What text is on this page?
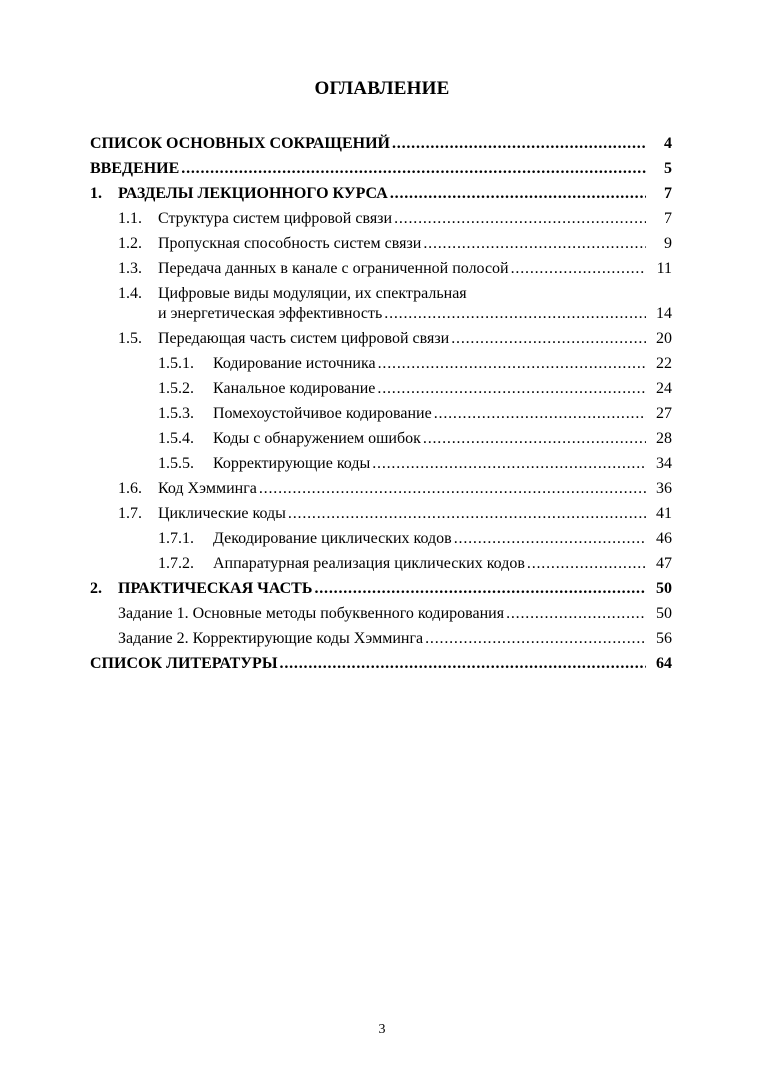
ОГЛАВЛЕНИЕ
СПИСОК ОСНОВНЫХ СОКРАЩЕНИЙ . . .	4
ВВЕДЕНИЕ . . .	5
1.	РАЗДЕЛЫ ЛЕКЦИОННОГО КУРСА . . .	7
1.1.	Структура систем цифровой связи . . .	7
1.2.	Пропускная способность систем связи . . .	9
1.3.	Передача данных в канале с ограниченной полосой . . .	11
1.4.	Цифровые виды модуляции, их спектральная
и энергетическая эффективность . . .	14
1.5.	Передающая часть систем цифровой связи . . .	20
1.5.1.	Кодирование источника . . .	22
1.5.2.	Канальное кодирование . . .	24
1.5.3.	Помехоустойчивое кодирование . . .	27
1.5.4.	Коды с обнаружением ошибок . . .	28
1.5.5.	Корректирующие коды . . .	34
1.6.	Код Хэмминга . . .	36
1.7.	Циклические коды . . .	41
1.7.1.	Декодирование циклических кодов . . .	46
1.7.2.	Аппаратурная реализация циклических кодов . . .	47
2.	ПРАКТИЧЕСКАЯ ЧАСТЬ . . .	50
Задание 1. Основные методы побуквенного кодирования . . .	50
Задание 2. Корректирующие коды Хэмминга . . .	56
СПИСОК ЛИТЕРАТУРЫ . . .	64
3
